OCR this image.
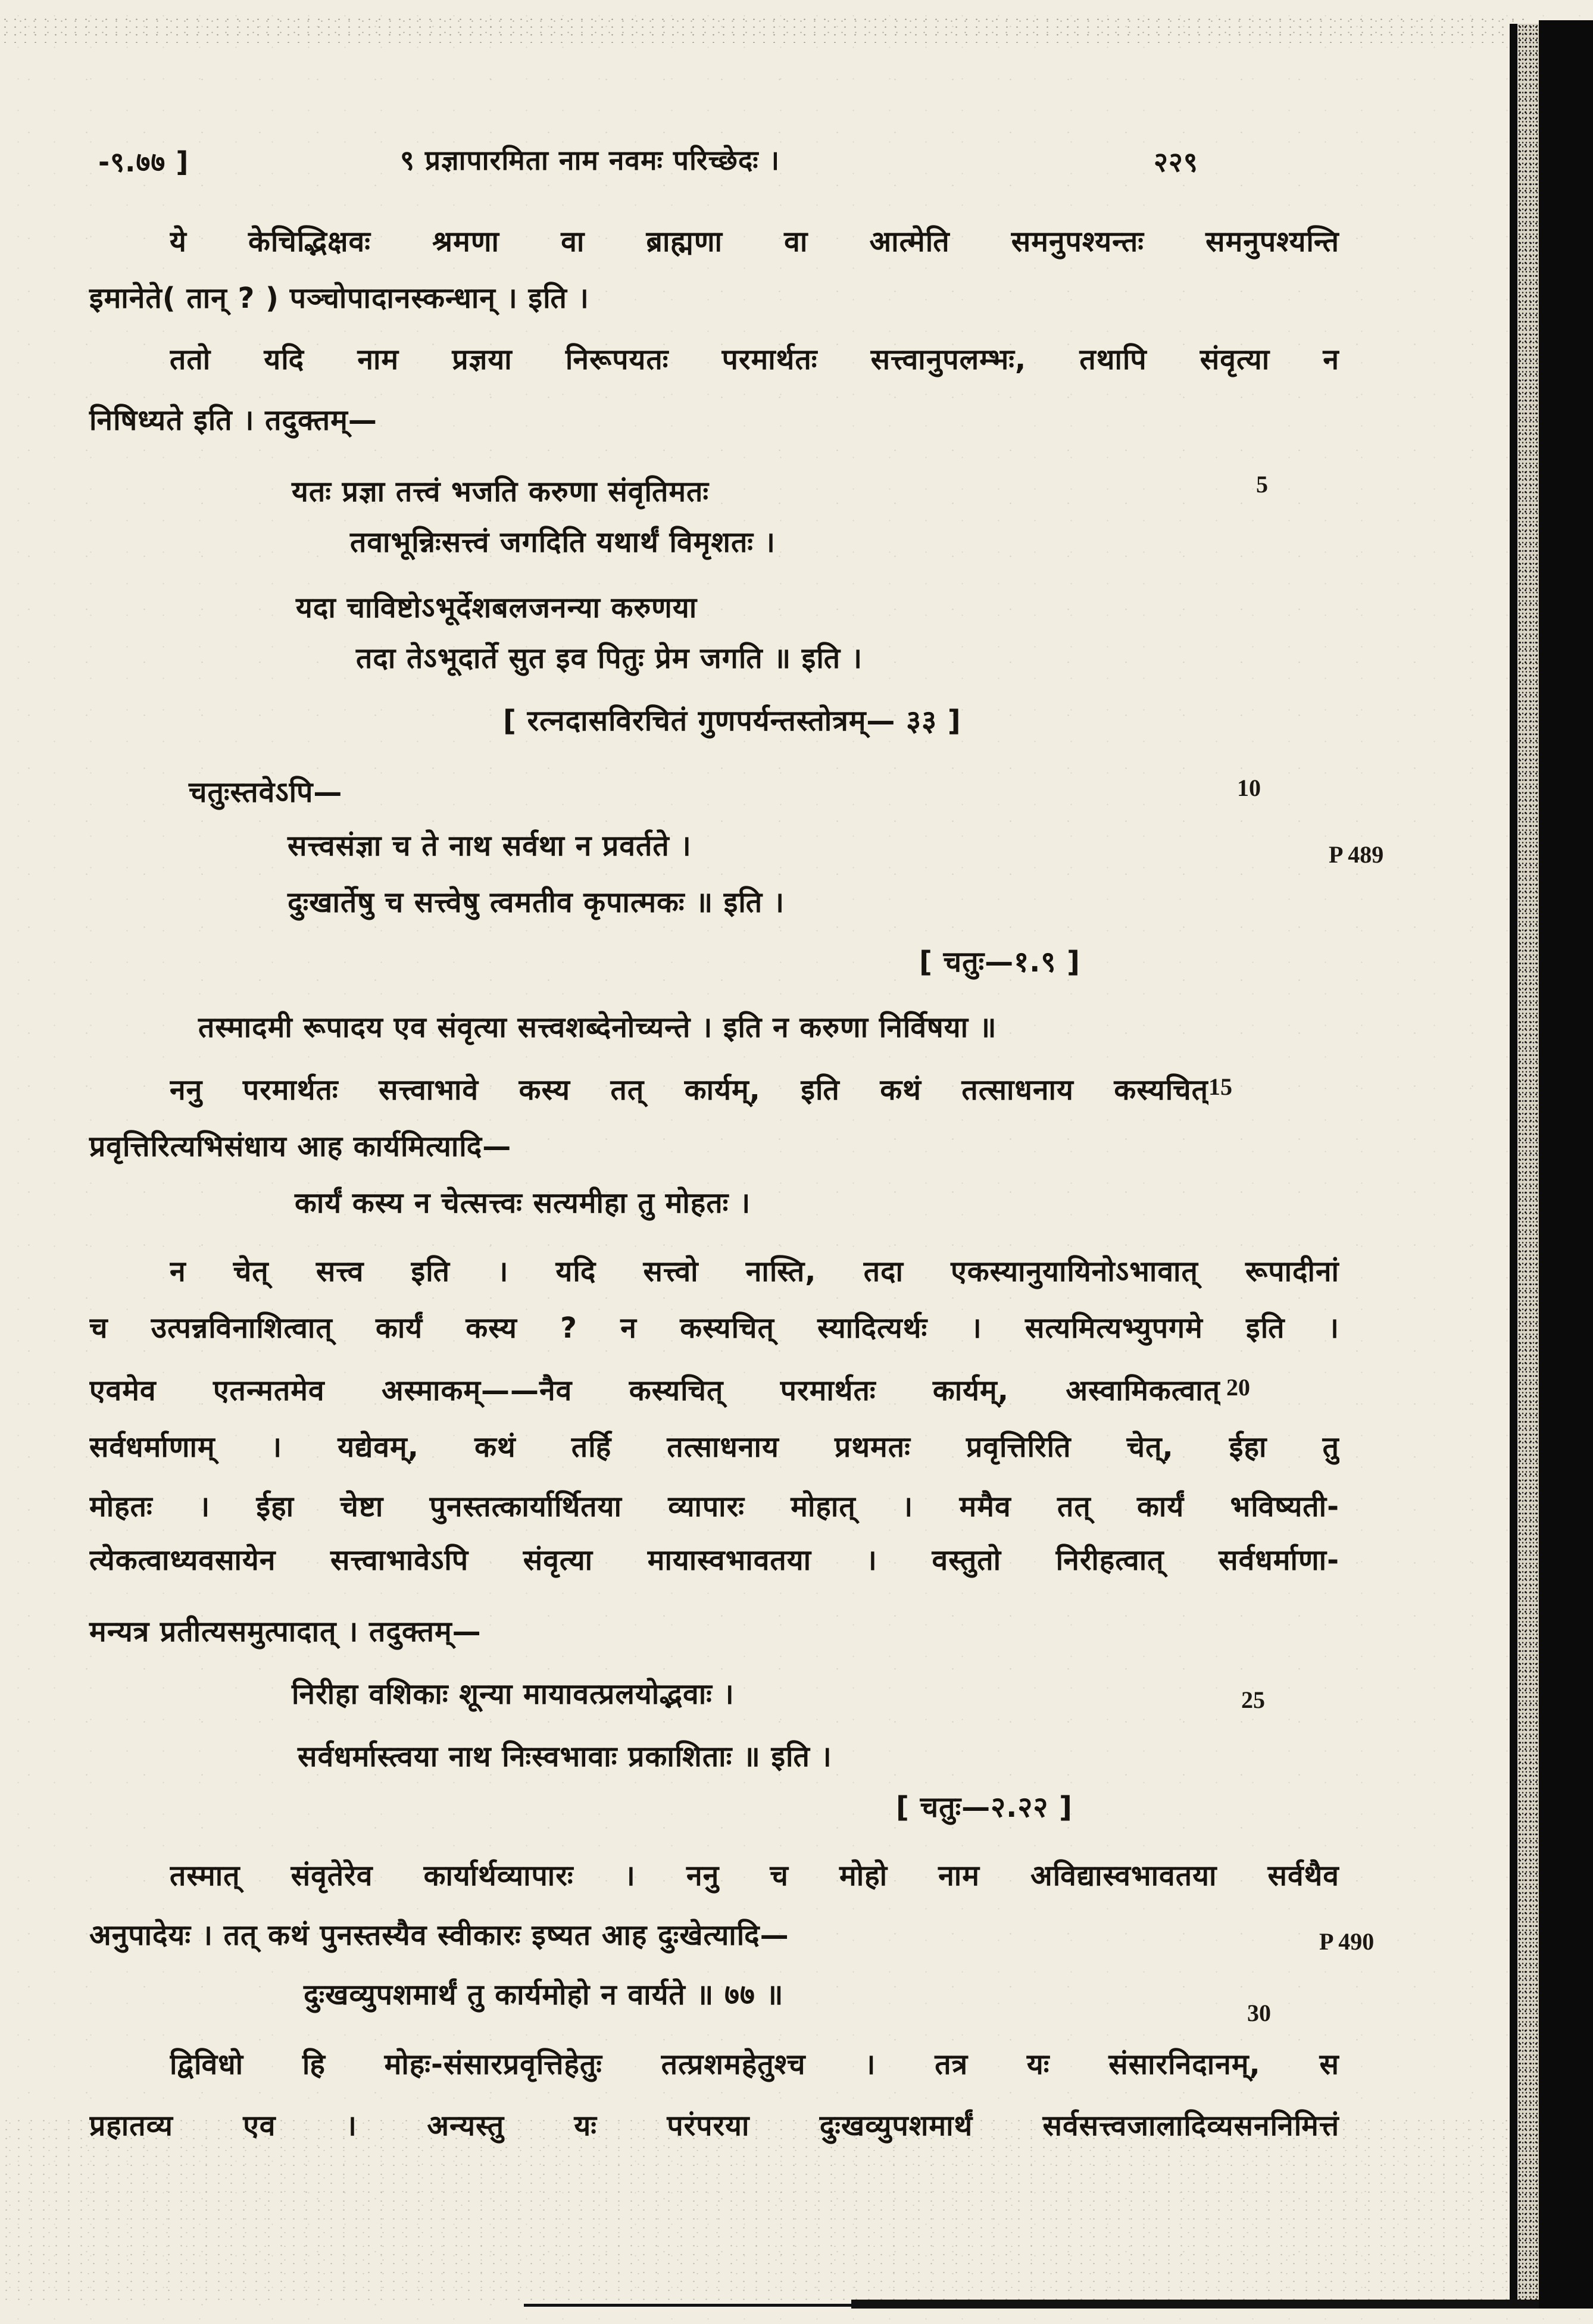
-९.७७ ]	९ प्रज्ञापारमिता नाम नवमः परिच्छेदः ।	२२९
ये केचिद्भिक्षवः श्रमणा वा ब्राह्मणा वा आत्मेति समनुपश्यन्तः समनुपश्यन्ति
इमानेते( तान् ? ) पञ्चोपादानस्कन्धान् । इति ।
ततो यदि नाम प्रज्ञया निरूपयतः परमार्थतः सत्त्वानुपलम्भः, तथापि संवृत्या न
निषिध्यते इति । तदुक्तम्—
यतः प्रज्ञा तत्त्वं भजति करुणा संवृतिमतः
तवाभून्निःसत्त्वं जगदिति यथार्थं विमृशतः ।
यदा चाविष्टोऽभूर्देशबलजनन्या करुणया
तदा तेऽभूदार्ते सुत इव पितुः प्रेम जगति ॥ इति ।
[ रत्नदासविरचितं गुणपर्यन्तस्तोत्रम्— ३३ ]
चतुःस्तवेऽपि—
सत्त्वसंज्ञा च ते नाथ सर्वथा न प्रवर्तते ।
दुःखार्तेषु च सत्त्वेषु त्वमतीव कृपात्मकः ॥ इति ।
[ चतुः—१.९ ]
तस्मादमी रूपादय एव संवृत्या सत्त्वशब्देनोच्यन्ते । इति न करुणा निर्विषया ॥
ननु परमार्थतः सत्त्वाभावे कस्य तत् कार्यम्, इति कथं तत्साधनाय कस्यचित्
प्रवृत्तिरित्यभिसंधाय आह कार्यमित्यादि—
कार्यं कस्य न चेत्सत्त्वः सत्यमीहा तु मोहतः ।
न चेत् सत्त्व इति । यदि सत्त्वो नास्ति, तदा एकस्यानुयायिनोऽभावात् रूपादीनां
च उत्पन्नविनाशित्वात् कार्यं कस्य ? न कस्यचित् स्यादित्यर्थः । सत्यमित्यभ्युपगमे इति ।
एवमेव एतन्मतमेव अस्माकम्——नैव कस्यचित् परमार्थतः कार्यम्, अस्वामिकत्वात्
सर्वधर्माणाम् । यद्येवम्, कथं तर्हि तत्साधनाय प्रथमतः प्रवृत्तिरिति चेत्, ईहा तु
मोहतः । ईहा चेष्टा पुनस्तत्कार्यार्थितया व्यापारः मोहात् । ममैव तत् कार्यं भविष्यती-
त्येकत्वाध्यवसायेन सत्त्वाभावेऽपि संवृत्या मायास्वभावतया । वस्तुतो निरीहत्वात् सर्वधर्माणा-
मन्यत्र प्रतीत्यसमुत्पादात् । तदुक्तम्—
निरीहा वशिकाः शून्या मायावत्प्रलयोद्भवाः ।
सर्वधर्मास्त्वया नाथ निःस्वभावाः प्रकाशिताः ॥ इति ।
[ चतुः—२.२२ ]
तस्मात् संवृतेरेव कार्यार्थव्यापारः । ननु च मोहो नाम अविद्यास्वभावतया सर्वथैव
अनुपादेयः । तत् कथं पुनस्तस्यैव स्वीकारः इष्यत आह दुःखेत्यादि—
दुःखव्युपशमार्थं तु कार्यमोहो न वार्यते ॥ ७७ ॥
द्विविधो हि मोहः-संसारप्रवृत्तिहेतुः तत्प्रशमहेतुश्च । तत्र यः संसारनिदानम्, स
प्रहातव्य एव । अन्यस्तु यः परंपरया दुःखव्युपशमार्थं सर्वसत्त्वजालादिव्यसननिमित्तं
5
10
P 489
15
20
25
P 490
30
